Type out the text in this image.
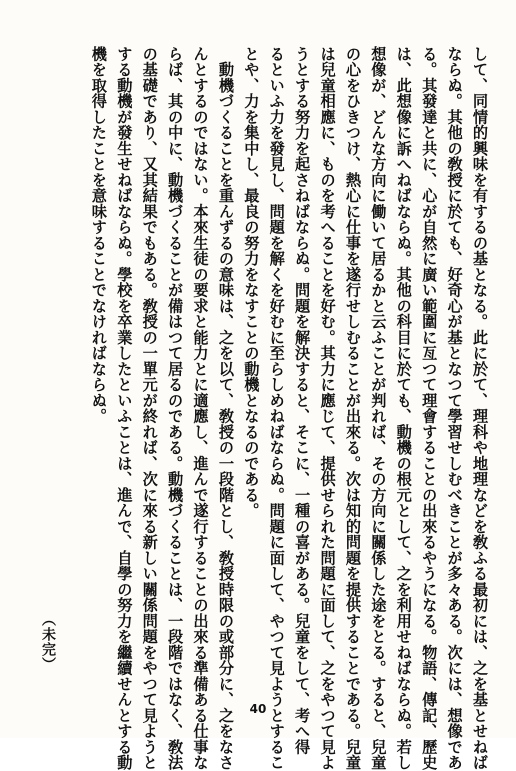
して、同情的興味を有するの基となる。此に於て、理科や地理などを敎ふる最初には、之を基とせねば
ならぬ。其他の敎授に於ても、好奇心が基となつて學習せしむべきことが多々ある。次には、想像であ
る。其發達と共に、心が自然に廣い範圍に亙つて理會することの出來るやうになる。物語、傳記、歷史
は、此想像に訴へねばならぬ。其他の科目に於ても、動機の根元として、之を利用せねばならぬ。若し
想像が、どんな方向に働いて居るかと云ふことが判れば、その方向に關係した途をとる。すると、兒童
の心をひきつけ、熱心に仕事を遂行せしむることが出來る。次は知的問題を提供することである。兒童
は兒童相應に、ものを考へることを好む。其力に應じて、提供せられた問題に面して、之をやつて見よ
うとする努力を起さねばならぬ。問題を解決すると、そこに、一種の喜がある。兒童をして、考へ得
るといふ力を發見し、問題を解くを好むに至らしめねばならぬ。問題に面して、やつて見ようとするこ
とや、力を集中し、最良の努力をなすことの動機となるのである。
　動機づくることを重んずるの意味は、之を以て、敎授の一段階とし、敎授時限の或部分に、之をなさ
んとするのではない。本來生徒の要求と能力とに適應し、進んで遂行することの出來る準備ある仕事な
らば、其の中に、動機づくることが備はつて居るのである。動機づくることは、一段階ではなく、敎法
の基礎であり、又其結果でもある。敎授の一單元が終れば、次に來る新しい關係問題をやつて見ようと
する動機が發生せねばならぬ。學校を卒業したといふことは、進んで、自學の努力を繼續せんとする動
機を取得したことを意味することでなければならぬ。
（未完）
40
